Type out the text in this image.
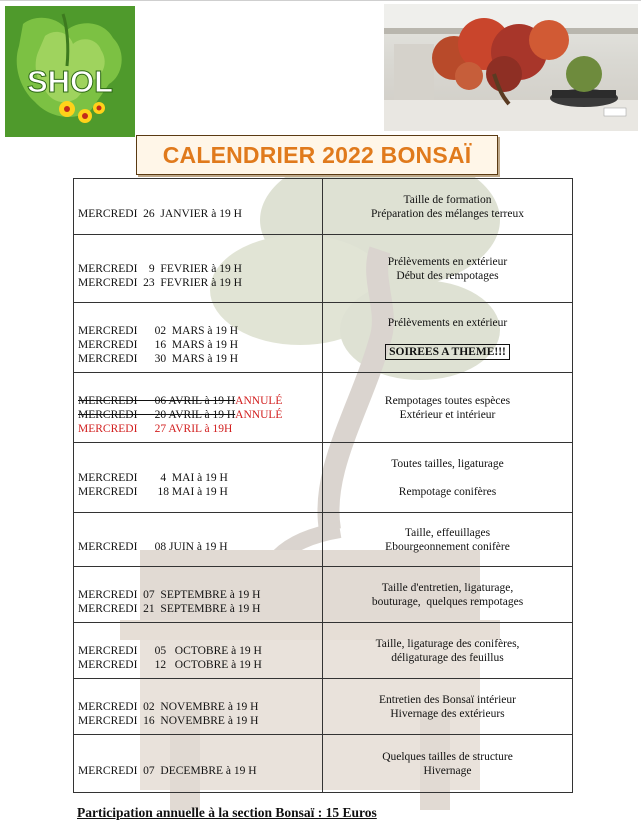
SHOL
CALENDRIER 2022 BONSAÏ
MERCREDI  26  JANVIER à 19 H	Taille de formation
Préparation des mélanges terreux

MERCREDI    9  FEVRIER à 19 H
MERCREDI  23  FEVRIER à 19 H	Prélèvements en extérieur
Début des rempotages

MERCREDI      02  MARS à 19 H
MERCREDI      16  MARS à 19 H
MERCREDI      30  MARS à 19 H	Prélèvements en extérieur
SOIREES A THEME!!!

MERCREDI      06 AVRIL à 19 HANNULÉ
MERCREDI      20 AVRIL à 19 HANNULÉ
MERCREDI      27 AVRIL à 19H	Rempotages toutes espèces
Extérieur et intérieur

MERCREDI        4  MAI à 19 H
MERCREDI       18 MAI à 19 H	Toutes tailles, ligaturage
Rempotage conifères

MERCREDI      08 JUIN à 19 H	Taille, effeuillages
Ebourgeonnement conifère

MERCREDI  07  SEPTEMBRE à 19 H
MERCREDI  21  SEPTEMBRE à 19 H	Taille d'entretien, ligaturage,
bouturage,  quelques rempotages

MERCREDI      05   OCTOBRE à 19 H
MERCREDI      12   OCTOBRE à 19 H	Taille, ligaturage des conifères,
déligaturage des feuillus

MERCREDI  02  NOVEMBRE à 19 H
MERCREDI  16  NOVEMBRE à 19 H	Entretien des Bonsaï intérieur
Hivernage des extérieurs

MERCREDI  07  DECEMBRE à 19 H	Quelques tailles de structure
Hivernage
Participation annuelle à la section Bonsaï : 15 Euros
